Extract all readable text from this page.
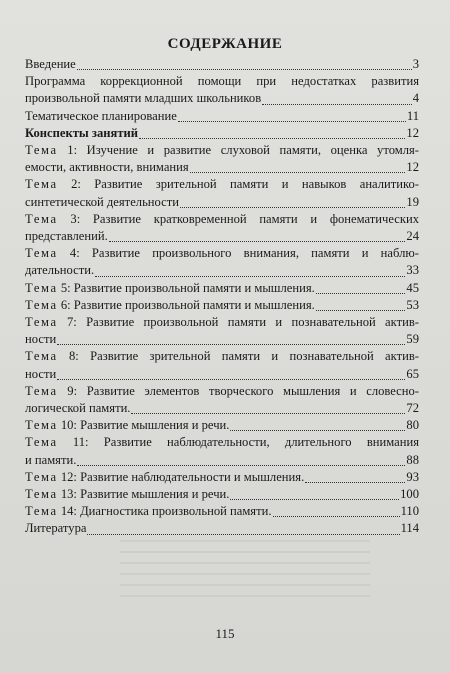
СОДЕРЖАНИЕ
Введение	3
Программа коррекционной помощи при недостатках развития
произвольной памяти младших школьников	4
Тематическое планирование	11
Конспекты занятий	12
Тема 1: Изучение и развитие слуховой памяти, оценка утомля-
емости, активности, внимания	12
Тема 2: Развитие зрительной памяти и навыков аналитико-
синтетической деятельности	19
Тема 3: Развитие кратковременной памяти и фонематических
представлений.	24
Тема 4: Развитие произвольного внимания, памяти и наблю-
дательности.	33
Тема 5: Развитие произвольной памяти и мышления.	45
Тема 6: Развитие произвольной памяти и мышления.	53
Тема 7: Развитие произвольной памяти и познавательной актив-
ности	59
Тема 8: Развитие зрительной памяти и познавательной актив-
ности	65
Тема 9: Развитие элементов творческого мышления и словесно-
логической памяти.	72
Тема 10: Развитие мышления и речи.	80
Тема 11: Развитие наблюдательности, длительного внимания
и памяти.	88
Тема 12: Развитие наблюдательности и мышления.	93
Тема 13: Развитие мышления и речи.	100
Тема 14: Диагностика произвольной памяти.	110
Литература	114
115
